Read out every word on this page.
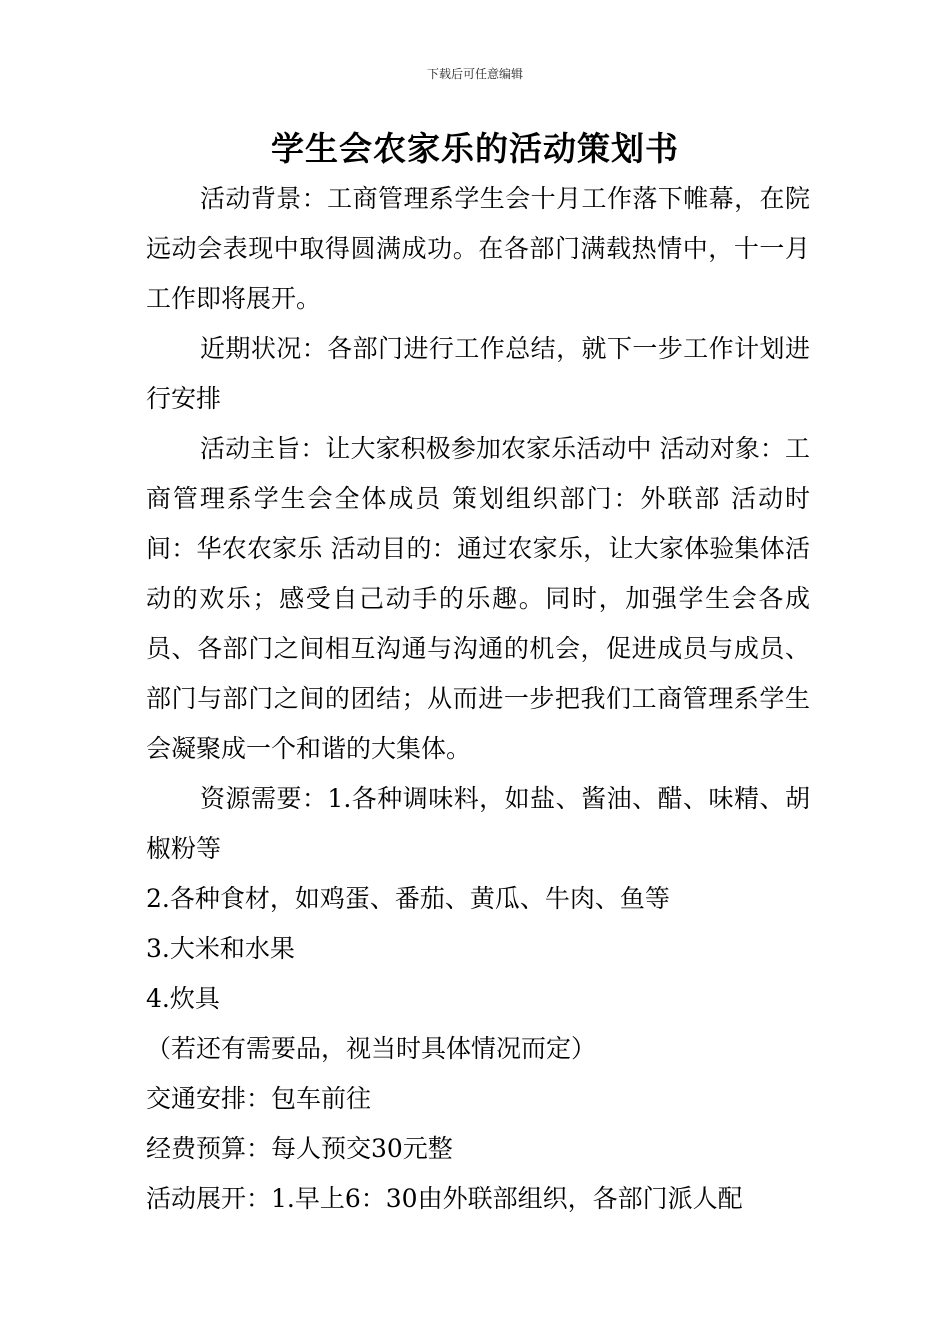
下载后可任意编辑
学生会农家乐的活动策划书

活动背景：工商管理系学生会十月工作落下帷幕，在院远动会表现中取得圆满成功。在各部门满载热情中，十一月工作即将展开。

近期状况：各部门进行工作总结，就下一步工作计划进行安排

活动主旨：让大家积极参加农家乐活动中 活动对象：工商管理系学生会全体成员 策划组织部门：外联部 活动时间：华农农家乐 活动目的：通过农家乐，让大家体验集体活动的欢乐；感受自己动手的乐趣。同时，加强学生会各成员、各部门之间相互沟通与沟通的机会，促进成员与成员、部门与部门之间的团结；从而进一步把我们工商管理系学生会凝聚成一个和谐的大集体。

资源需要：1.各种调味料，如盐、酱油、醋、味精、胡椒粉等

2.各种食材，如鸡蛋、番茄、黄瓜、牛肉、鱼等

3.大米和水果

4.炊具

（若还有需要品，视当时具体情况而定）

交通安排：包车前往

经费预算：每人预交30元整

活动展开：1.早上6：30由外联部组织，各部门派人配
